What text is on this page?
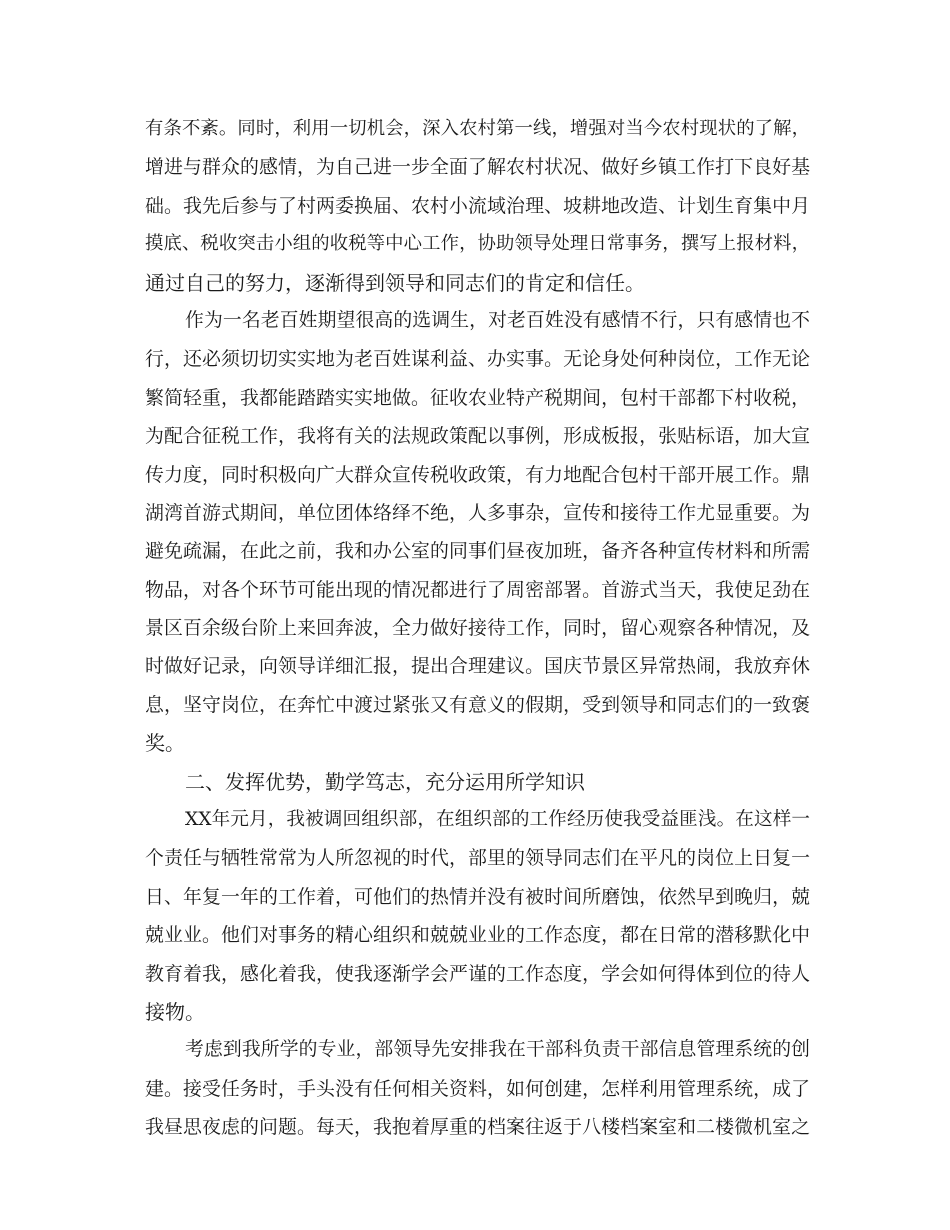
有条不紊。同时，利用一切机会，深入农村第一线，增强对当今农村现状的了解，
增进与群众的感情，为自己进一步全面了解农村状况、做好乡镇工作打下良好基
础。我先后参与了村两委换届、农村小流域治理、坡耕地改造、计划生育集中月
摸底、税收突击小组的收税等中心工作，协助领导处理日常事务，撰写上报材料，
通过自己的努力，逐渐得到领导和同志们的肯定和信任。
作为一名老百姓期望很高的选调生，对老百姓没有感情不行，只有感情也不
行，还必须切切实实地为老百姓谋利益、办实事。无论身处何种岗位，工作无论
繁简轻重，我都能踏踏实实地做。征收农业特产税期间，包村干部都下村收税，
为配合征税工作，我将有关的法规政策配以事例，形成板报，张贴标语，加大宣
传力度，同时积极向广大群众宣传税收政策，有力地配合包村干部开展工作。鼎
湖湾首游式期间，单位团体络绎不绝，人多事杂，宣传和接待工作尤显重要。为
避免疏漏，在此之前，我和办公室的同事们昼夜加班，备齐各种宣传材料和所需
物品，对各个环节可能出现的情况都进行了周密部署。首游式当天，我使足劲在
景区百余级台阶上来回奔波，全力做好接待工作，同时，留心观察各种情况，及
时做好记录，向领导详细汇报，提出合理建议。国庆节景区异常热闹，我放弃休
息，坚守岗位，在奔忙中渡过紧张又有意义的假期，受到领导和同志们的一致褒
奖。
二、发挥优势，勤学笃志，充分运用所学知识
XX年元月，我被调回组织部，在组织部的工作经历使我受益匪浅。在这样一
个责任与牺牲常常为人所忽视的时代，部里的领导同志们在平凡的岗位上日复一
日、年复一年的工作着，可他们的热情并没有被时间所磨蚀，依然早到晚归，兢
兢业业。他们对事务的精心组织和兢兢业业的工作态度，都在日常的潜移默化中
教育着我，感化着我，使我逐渐学会严谨的工作态度，学会如何得体到位的待人
接物。
考虑到我所学的专业，部领导先安排我在干部科负责干部信息管理系统的创
建。接受任务时，手头没有任何相关资料，如何创建，怎样利用管理系统，成了
我昼思夜虑的问题。每天，我抱着厚重的档案往返于八楼档案室和二楼微机室之
